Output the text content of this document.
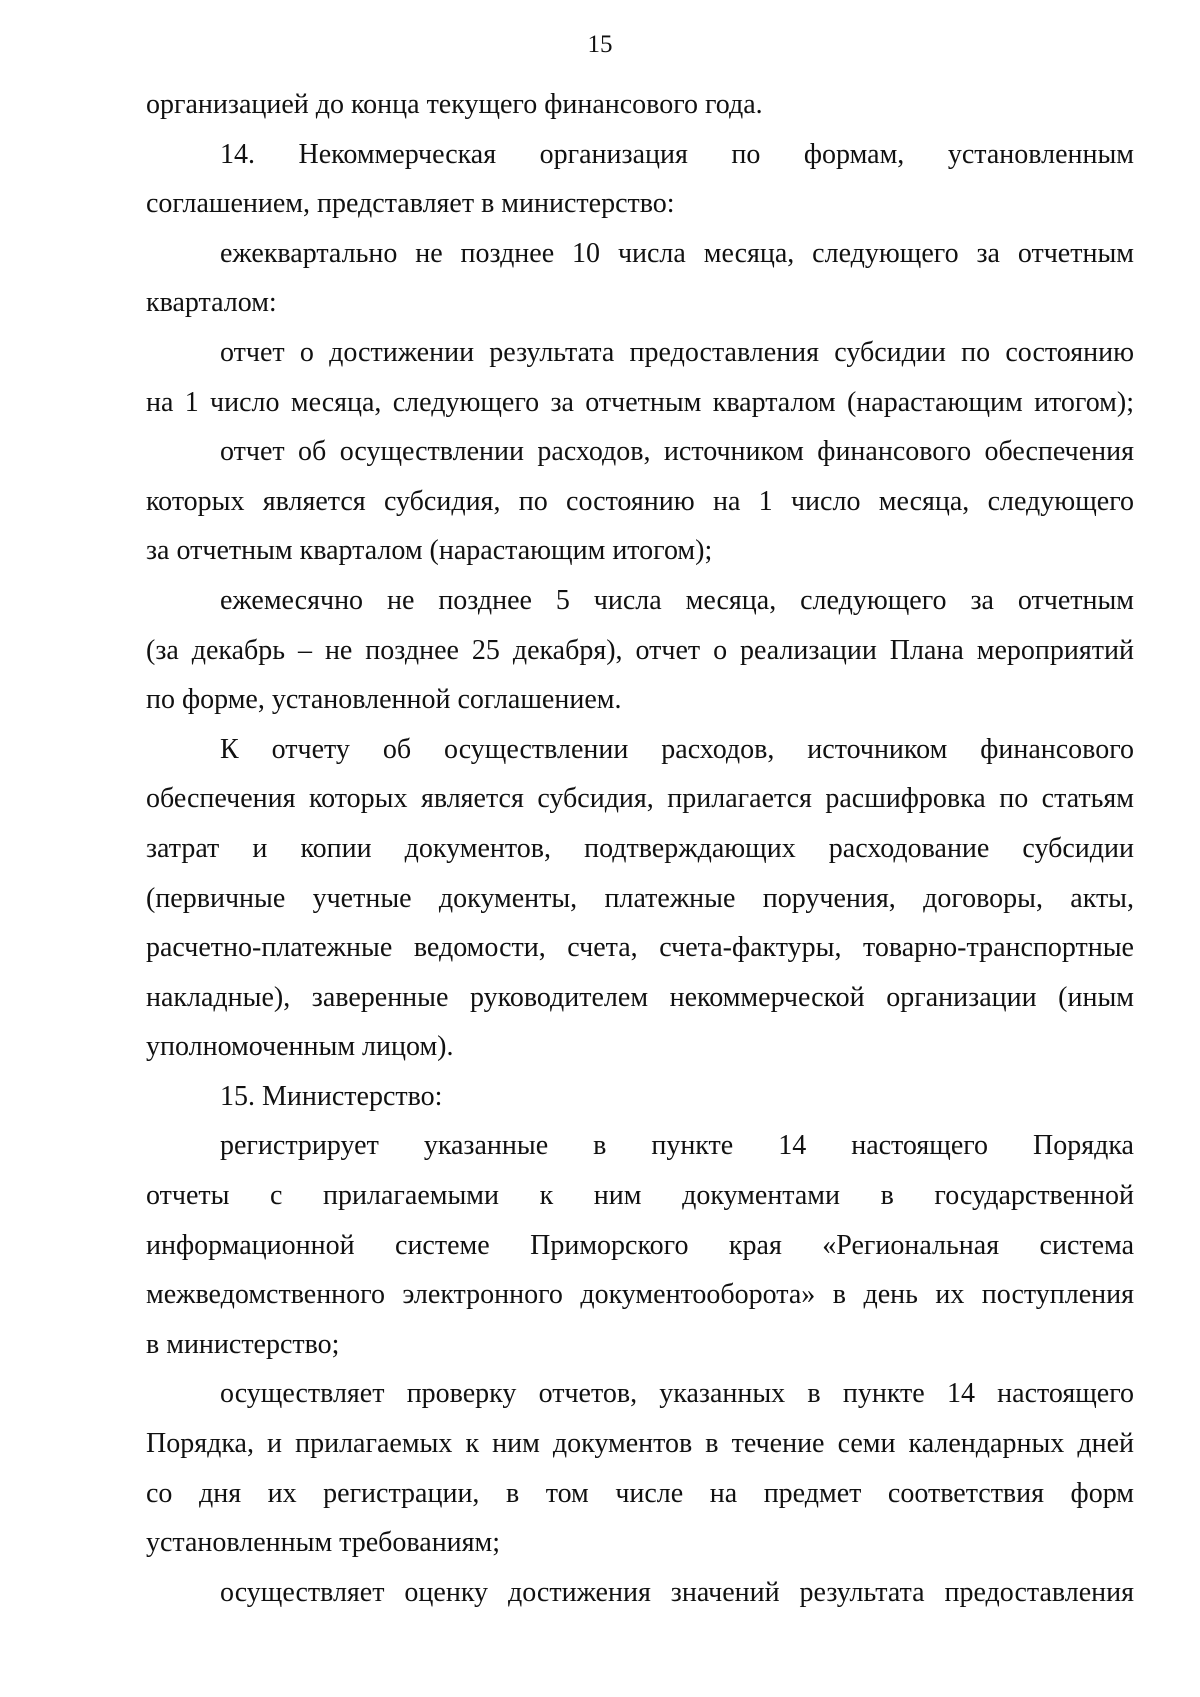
15
организацией до конца текущего финансового года.
14. Некоммерческая организация по формам, установленным
соглашением, представляет в министерство:
ежеквартально не позднее 10 числа месяца, следующего за отчетным
кварталом:
отчет о достижении результата предоставления субсидии по состоянию
на 1 число месяца, следующего за отчетным кварталом (нарастающим итогом);
отчет об осуществлении расходов, источником финансового обеспечения
которых является субсидия, по состоянию на 1 число месяца, следующего
за отчетным кварталом (нарастающим итогом);
ежемесячно не позднее 5 числа месяца, следующего за отчетным
(за декабрь – не позднее 25 декабря), отчет о реализации Плана мероприятий
по форме, установленной соглашением.
К отчету об осуществлении расходов, источником финансового
обеспечения которых является субсидия, прилагается расшифровка по статьям
затрат и копии документов, подтверждающих расходование субсидии
(первичные учетные документы, платежные поручения, договоры, акты,
расчетно-платежные ведомости, счета, счета-фактуры, товарно-транспортные
накладные), заверенные руководителем некоммерческой организации (иным
уполномоченным лицом).
15. Министерство:
регистрирует указанные в пункте 14 настоящего Порядка
отчеты с прилагаемыми к ним документами в государственной
информационной системе Приморского края «Региональная система
межведомственного электронного документооборота» в день их поступления
в министерство;
осуществляет проверку отчетов, указанных в пункте 14 настоящего
Порядка, и прилагаемых к ним документов в течение семи календарных дней
со дня их регистрации, в том числе на предмет соответствия форм
установленным требованиям;
осуществляет оценку достижения значений результата предоставления
